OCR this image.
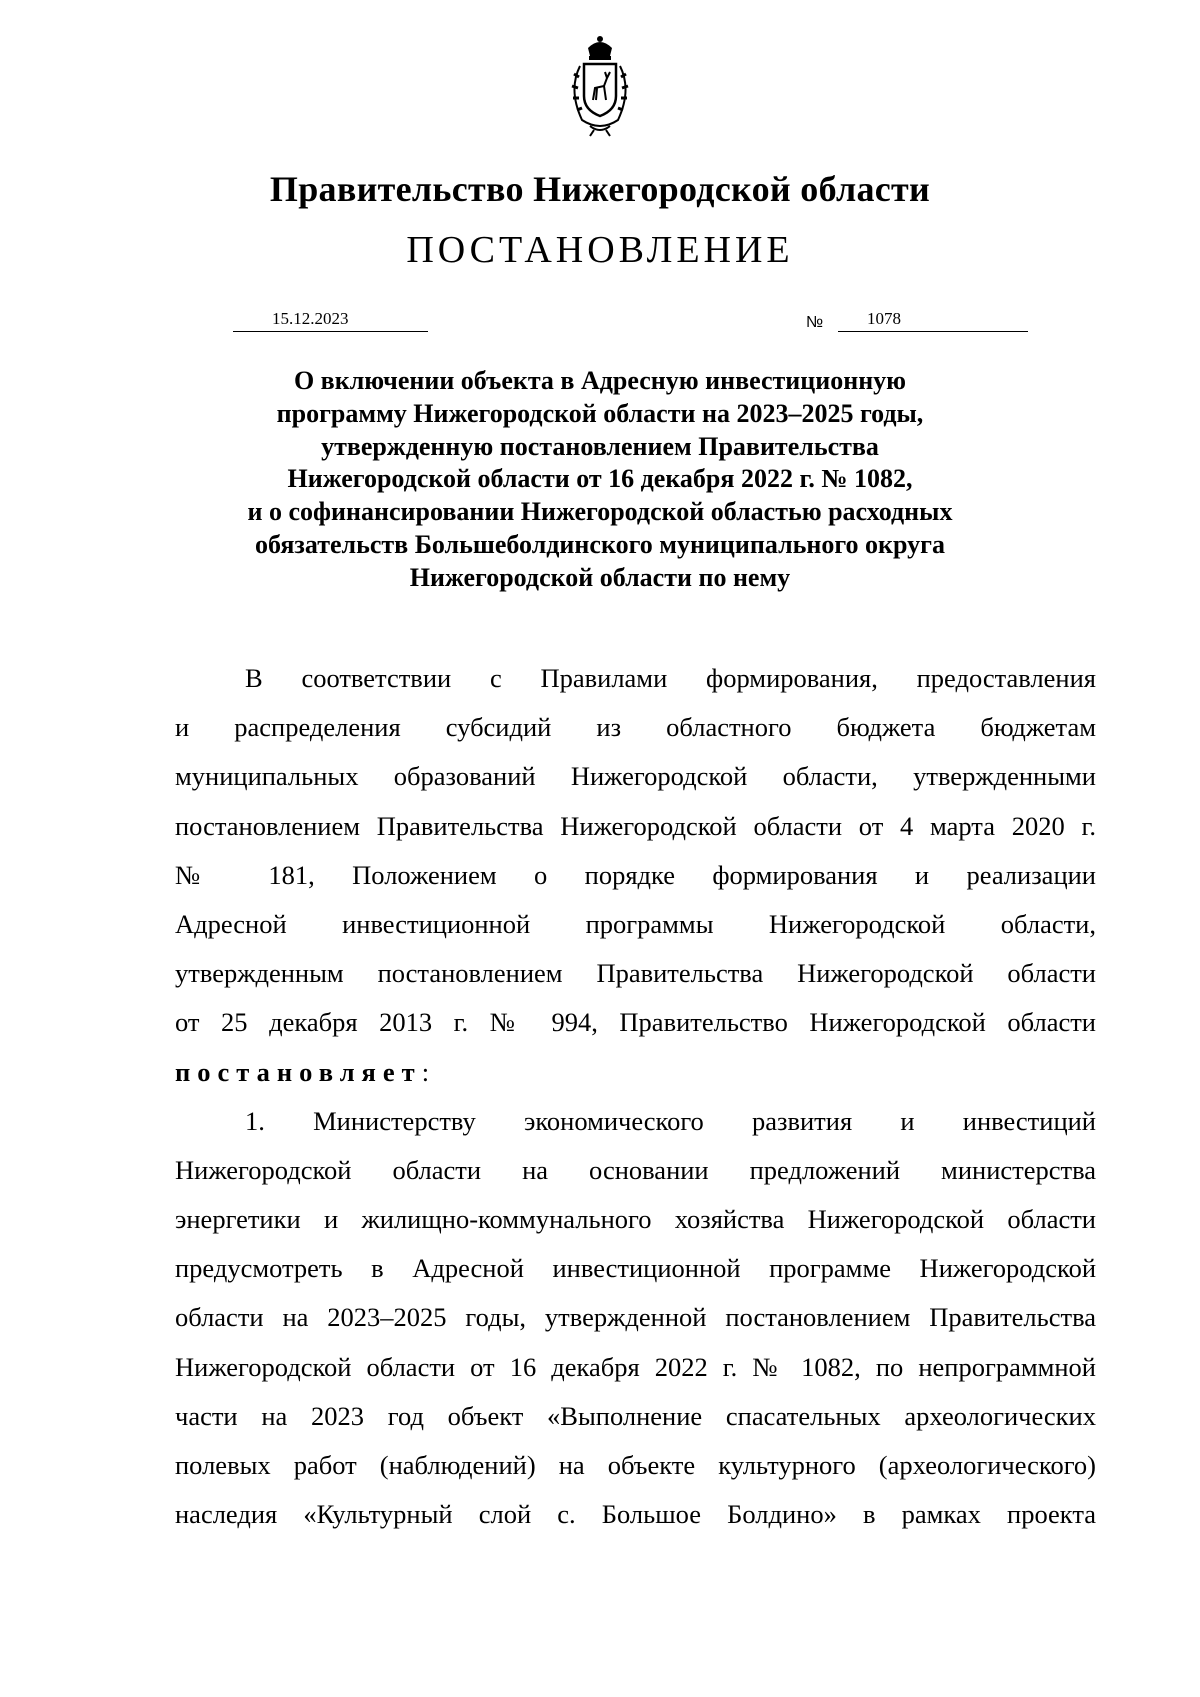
Правительство Нижегородской области
ПОСТАНОВЛЕНИЕ
15.12.2023	№	1078
О включении объекта в Адресную инвестиционную
программу Нижегородской области на 2023–2025 годы,
утвержденную постановлением Правительства
Нижегородской области от 16 декабря 2022 г. № 1082,
и о софинансировании Нижегородской областью расходных
обязательств Большеболдинского муниципального округа
Нижегородской области по нему
В соответствии с Правилами формирования, предоставления
и распределения субсидий из областного бюджета бюджетам
муниципальных образований Нижегородской области, утвержденными
постановлением Правительства Нижегородской области от 4 марта 2020 г.
№ 181, Положением о порядке формирования и реализации
Адресной инвестиционной программы Нижегородской области,
утвержденным постановлением Правительства Нижегородской области
от 25 декабря 2013 г. № 994, Правительство Нижегородской области
постановляет:
1. Министерству экономического развития и инвестиций
Нижегородской области на основании предложений министерства
энергетики и жилищно-коммунального хозяйства Нижегородской области
предусмотреть в Адресной инвестиционной программе Нижегородской
области на 2023–2025 годы, утвержденной постановлением Правительства
Нижегородской области от 16 декабря 2022 г. № 1082, по непрограммной
части на 2023 год объект «Выполнение спасательных археологических
полевых работ (наблюдений) на объекте культурного (археологического)
наследия «Культурный слой с. Большое Болдино» в рамках проекта
